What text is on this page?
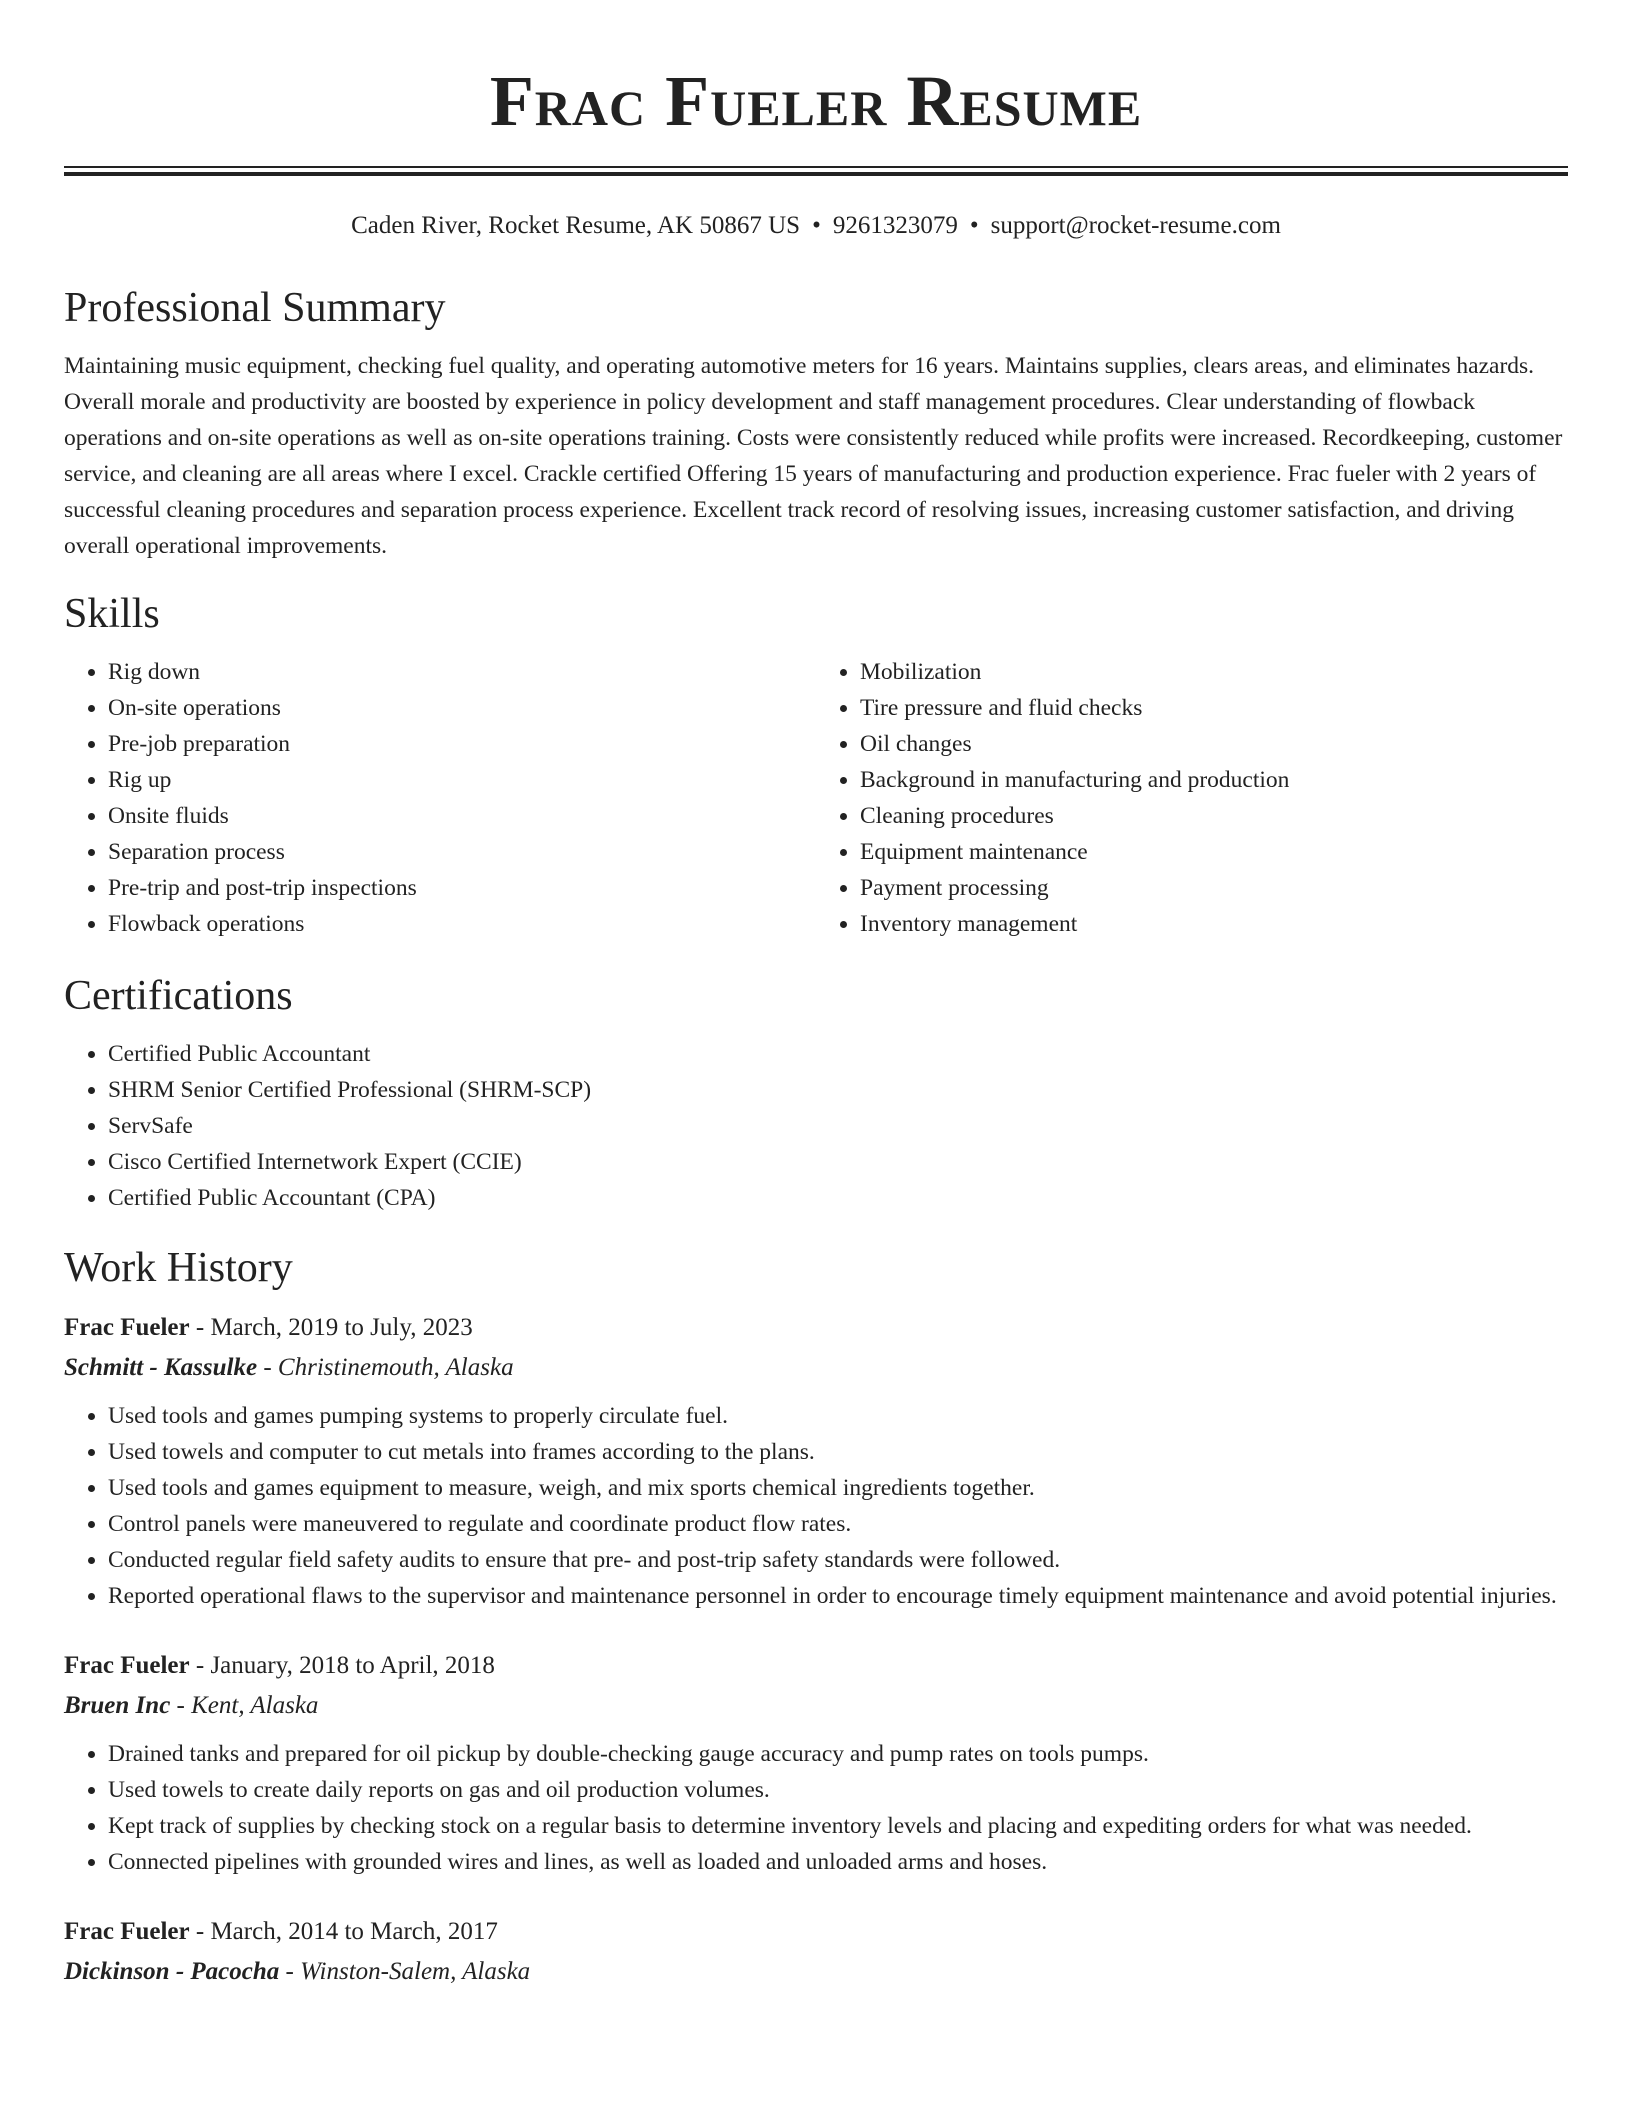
Frac Fueler Resume
Caden River, Rocket Resume, AK 50867 US • 9261323079 • support@rocket-resume.com
Professional Summary

Maintaining music equipment, checking fuel quality, and operating automotive meters for 16 years. Maintains supplies, clears areas, and eliminates hazards. Overall morale and productivity are boosted by experience in policy development and staff management procedures. Clear understanding of flowback operations and on-site operations as well as on-site operations training. Costs were consistently reduced while profits were increased. Recordkeeping, customer service, and cleaning are all areas where I excel. Crackle certified Offering 15 years of manufacturing and production experience. Frac fueler with 2 years of successful cleaning procedures and separation process experience. Excellent track record of resolving issues, increasing customer satisfaction, and driving overall operational improvements.

Skills
• Rig down
• On-site operations
• Pre-job preparation
• Rig up
• Onsite fluids
• Separation process
• Pre-trip and post-trip inspections
• Flowback operations
• Mobilization
• Tire pressure and fluid checks
• Oil changes
• Background in manufacturing and production
• Cleaning procedures
• Equipment maintenance
• Payment processing
• Inventory management
Certifications
• Certified Public Accountant
• SHRM Senior Certified Professional (SHRM-SCP)
• ServSafe
• Cisco Certified Internetwork Expert (CCIE)
• Certified Public Accountant (CPA)
Work History
Frac Fueler - March, 2019 to July, 2023
Schmitt - Kassulke - Christinemouth, Alaska
• Used tools and games pumping systems to properly circulate fuel.
• Used towels and computer to cut metals into frames according to the plans.
• Used tools and games equipment to measure, weigh, and mix sports chemical ingredients together.
• Control panels were maneuvered to regulate and coordinate product flow rates.
• Conducted regular field safety audits to ensure that pre- and post-trip safety standards were followed.
• Reported operational flaws to the supervisor and maintenance personnel in order to encourage timely equipment maintenance and avoid potential injuries.
Frac Fueler - January, 2018 to April, 2018
Bruen Inc - Kent, Alaska
• Drained tanks and prepared for oil pickup by double-checking gauge accuracy and pump rates on tools pumps.
• Used towels to create daily reports on gas and oil production volumes.
• Kept track of supplies by checking stock on a regular basis to determine inventory levels and placing and expediting orders for what was needed.
• Connected pipelines with grounded wires and lines, as well as loaded and unloaded arms and hoses.
Frac Fueler - March, 2014 to March, 2017
Dickinson - Pacocha - Winston-Salem, Alaska
